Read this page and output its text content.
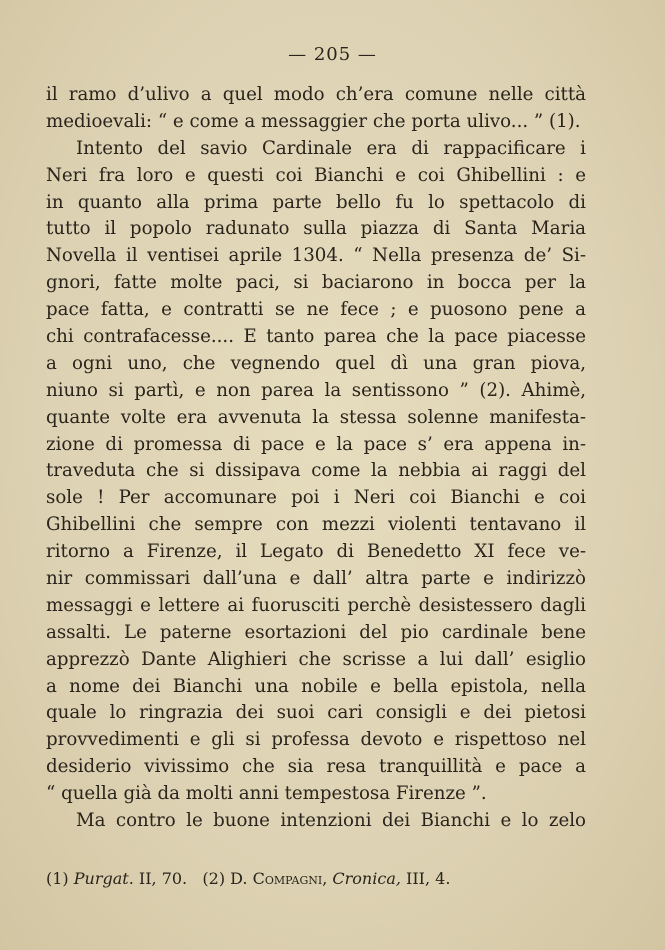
— 205 —
il ramo d’ulivo a quel modo ch’era comune nelle città
medioevali: “ e come a messaggier che porta ulivo... ” (1).
Intento del savio Cardinale era di rappacificare i
Neri fra loro e questi coi Bianchi e coi Ghibellini : e
in quanto alla prima parte bello fu lo spettacolo di
tutto il popolo radunato sulla piazza di Santa Maria
Novella il ventisei aprile 1304. “ Nella presenza de’ Si-
gnori, fatte molte paci, si baciarono in bocca per la
pace fatta, e contratti se ne fece ; e puosono pene a
chi contrafacesse.... E tanto parea che la pace piacesse
a ogni uno, che vegnendo quel dì una gran piova,
niuno si partì, e non parea la sentissono ” (2). Ahimè,
quante volte era avvenuta la stessa solenne manifesta-
zione di promessa di pace e la pace s’ era appena in-
traveduta che si dissipava come la nebbia ai raggi del
sole ! Per accomunare poi i Neri coi Bianchi e coi
Ghibellini che sempre con mezzi violenti tentavano il
ritorno a Firenze, il Legato di Benedetto XI fece ve-
nir commissari dall’una e dall’ altra parte e indirizzò
messaggi e lettere ai fuorusciti perchè desistessero dagli
assalti. Le paterne esortazioni del pio cardinale bene
apprezzò Dante Alighieri che scrisse a lui dall’ esiglio
a nome dei Bianchi una nobile e bella epistola, nella
quale lo ringrazia dei suoi cari consigli e dei pietosi
provvedimenti e gli si professa devoto e rispettoso nel
desiderio vivissimo che sia resa tranquillità e pace a
“ quella già da molti anni tempestosa Firenze ”.
Ma contro le buone intenzioni dei Bianchi e lo zelo
(1) Purgat. II, 70. (2) D. Compagni, Cronica, III, 4.
